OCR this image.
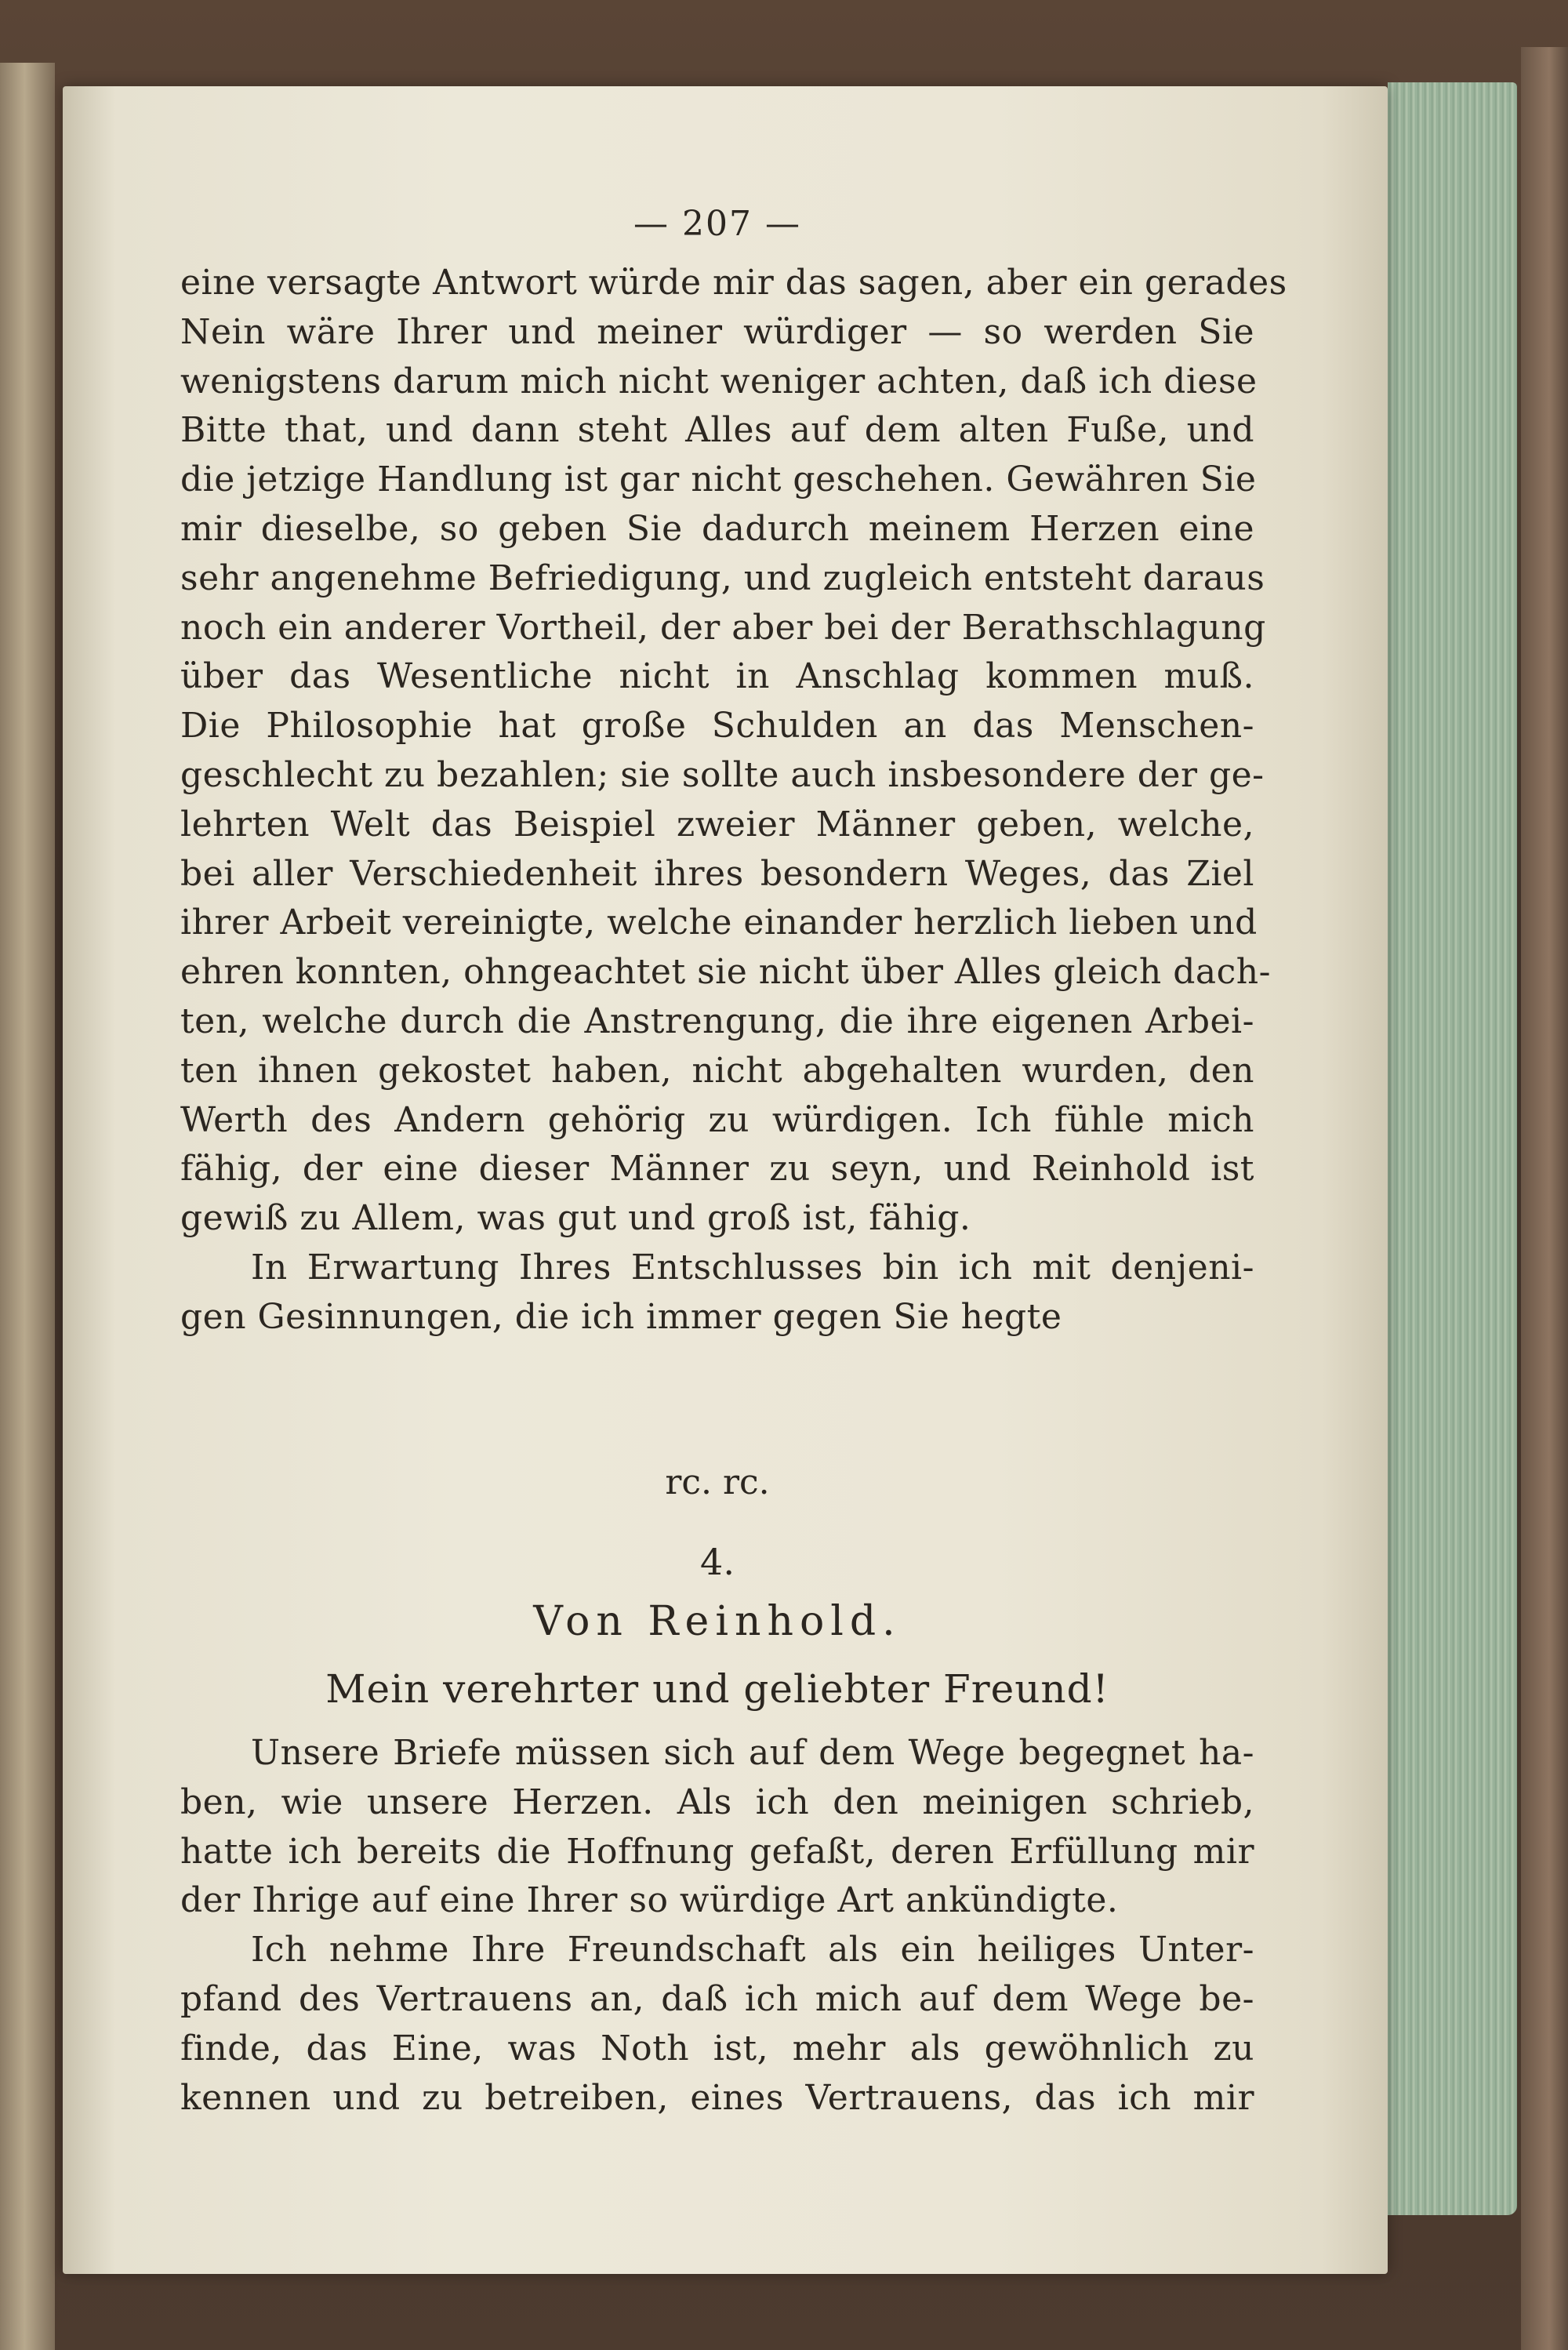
— 207 —
eine versagte Antwort würde mir das sagen, aber ein gerades
Nein wäre Ihrer und meiner würdiger — so werden Sie
wenigstens darum mich nicht weniger achten, daß ich diese
Bitte that, und dann steht Alles auf dem alten Fuße, und
die jetzige Handlung ist gar nicht geschehen. Gewähren Sie
mir dieselbe, so geben Sie dadurch meinem Herzen eine
sehr angenehme Befriedigung, und zugleich entsteht daraus
noch ein anderer Vortheil, der aber bei der Berathschlagung
über das Wesentliche nicht in Anschlag kommen muß.
Die Philosophie hat große Schulden an das Menschen-
geschlecht zu bezahlen; sie sollte auch insbesondere der ge-
lehrten Welt das Beispiel zweier Männer geben, welche,
bei aller Verschiedenheit ihres besondern Weges, das Ziel
ihrer Arbeit vereinigte, welche einander herzlich lieben und
ehren konnten, ohngeachtet sie nicht über Alles gleich dach-
ten, welche durch die Anstrengung, die ihre eigenen Arbei-
ten ihnen gekostet haben, nicht abgehalten wurden, den
Werth des Andern gehörig zu würdigen. Ich fühle mich
fähig, der eine dieser Männer zu seyn, und Reinhold ist
gewiß zu Allem, was gut und groß ist, fähig.
In Erwartung Ihres Entschlusses bin ich mit denjeni-
gen Gesinnungen, die ich immer gegen Sie hegte
rc. rc.
4.
Von Reinhold.
Mein verehrter und geliebter Freund!
Unsere Briefe müssen sich auf dem Wege begegnet ha-
ben, wie unsere Herzen. Als ich den meinigen schrieb,
hatte ich bereits die Hoffnung gefaßt, deren Erfüllung mir
der Ihrige auf eine Ihrer so würdige Art ankündigte.
Ich nehme Ihre Freundschaft als ein heiliges Unter-
pfand des Vertrauens an, daß ich mich auf dem Wege be-
finde, das Eine, was Noth ist, mehr als gewöhnlich zu
kennen und zu betreiben, eines Vertrauens, das ich mir
